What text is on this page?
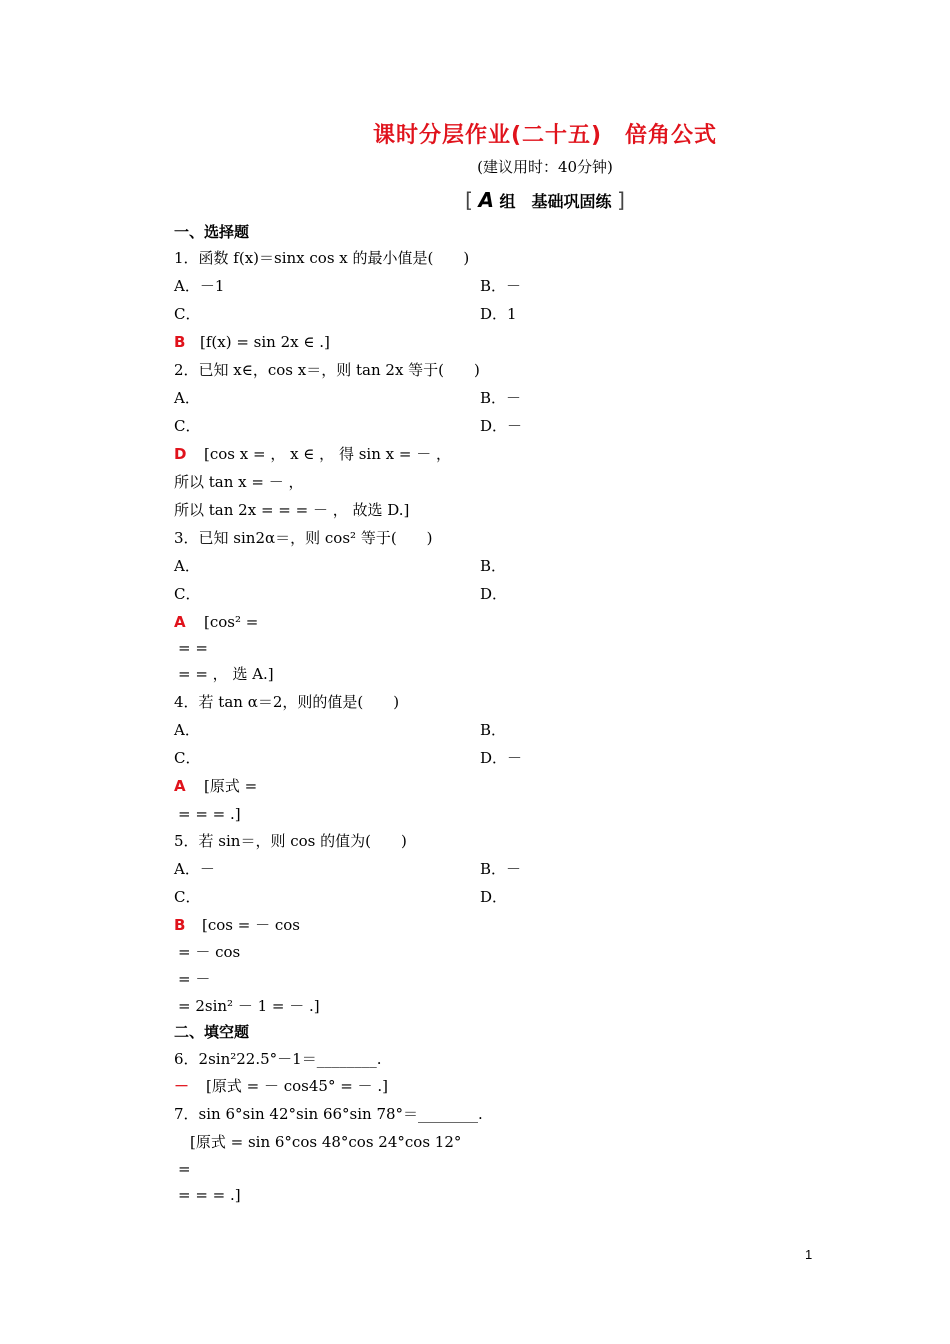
课时分层作业(二十五)　倍角公式
(建议用时：40分钟)
[ A 组　基础巩固练 ]
一、选择题
1．函数 f(x)＝sinx cos x 的最小值是(　　)
A．－1	B．－
C．	D．1
B [f(x) = sin 2x ∈ .]
2．已知 x∈，cos x＝，则 tan 2x 等于(　　)
A．	B．－
C．	D．－
D [cos x = ， x ∈ ， 得 sin x = － ，
所以 tan x = － ，
所以 tan 2x = = = － ， 故选 D.]
3．已知 sin2α＝，则 cos² 等于(　　)
A．	B．
C．	D．
A [cos² =
= =
= = ， 选 A.]
4．若 tan α＝2，则的值是(　　)
A．	B．
C．	D．－
A [原式 =
= = = .]
5．若 sin＝，则 cos 的值为(　　)
A．－	B．－
C．	D．
B [cos = － cos
= － cos
= －
= 2sin² － 1 = － .]
二、填空题
6．2sin²22.5°－1＝________.
－ [原式 = － cos45° = － .]
7．sin 6°sin 42°sin 66°sin 78°＝________.
[原式 = sin 6°cos 48°cos 24°cos 12°
=
= = = .]
1
